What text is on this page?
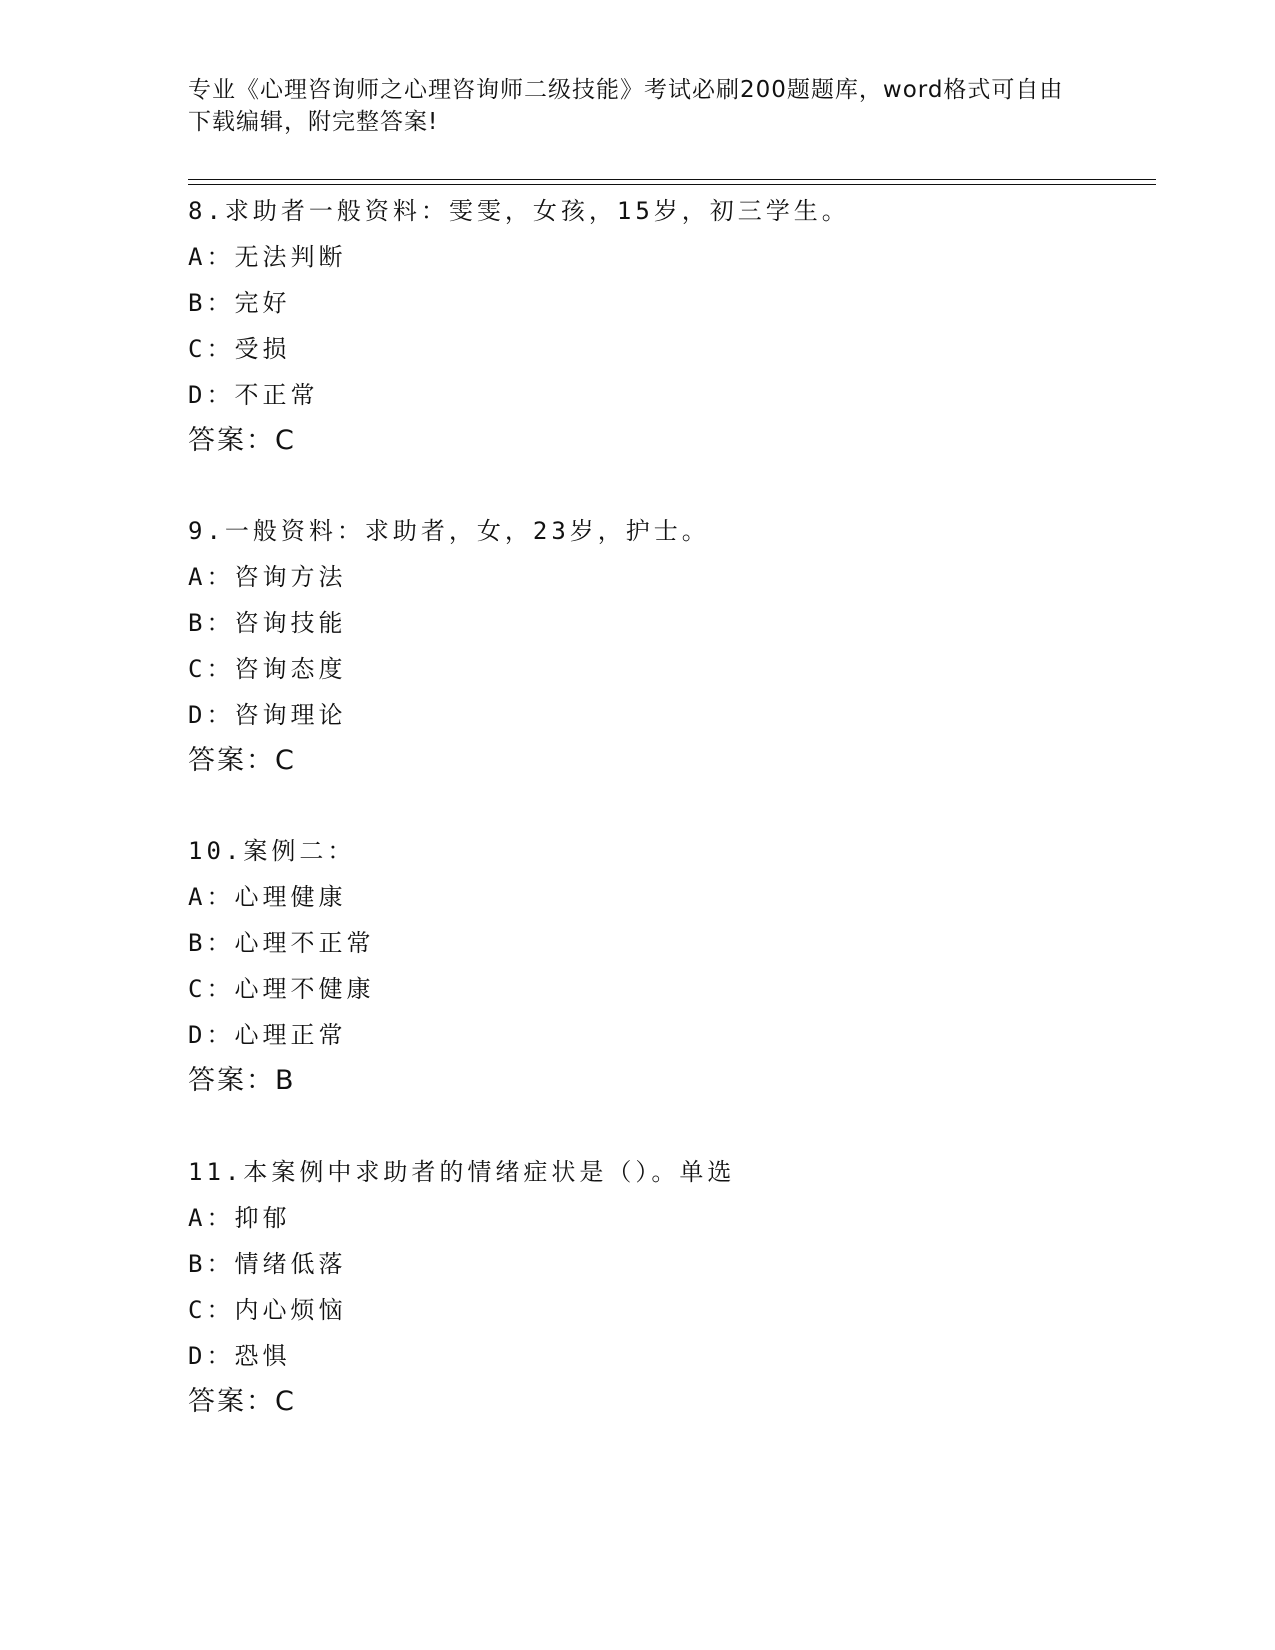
专业《心理咨询师之心理咨询师二级技能》考试必刷200题题库，word格式可自由下载编辑，附完整答案!
8.求助者一般资料：雯雯，女孩，15岁，初三学生。
A：无法判断
B：完好
C：受损
D：不正常
答案：C
9.一般资料：求助者，女，23岁，护士。
A：咨询方法
B：咨询技能
C：咨询态度
D：咨询理论
答案：C
10.案例二：
A：心理健康
B：心理不正常
C：心理不健康
D：心理正常
答案：B
11.本案例中求助者的情绪症状是（）。单选
A：抑郁
B：情绪低落
C：内心烦恼
D：恐惧
答案：C
